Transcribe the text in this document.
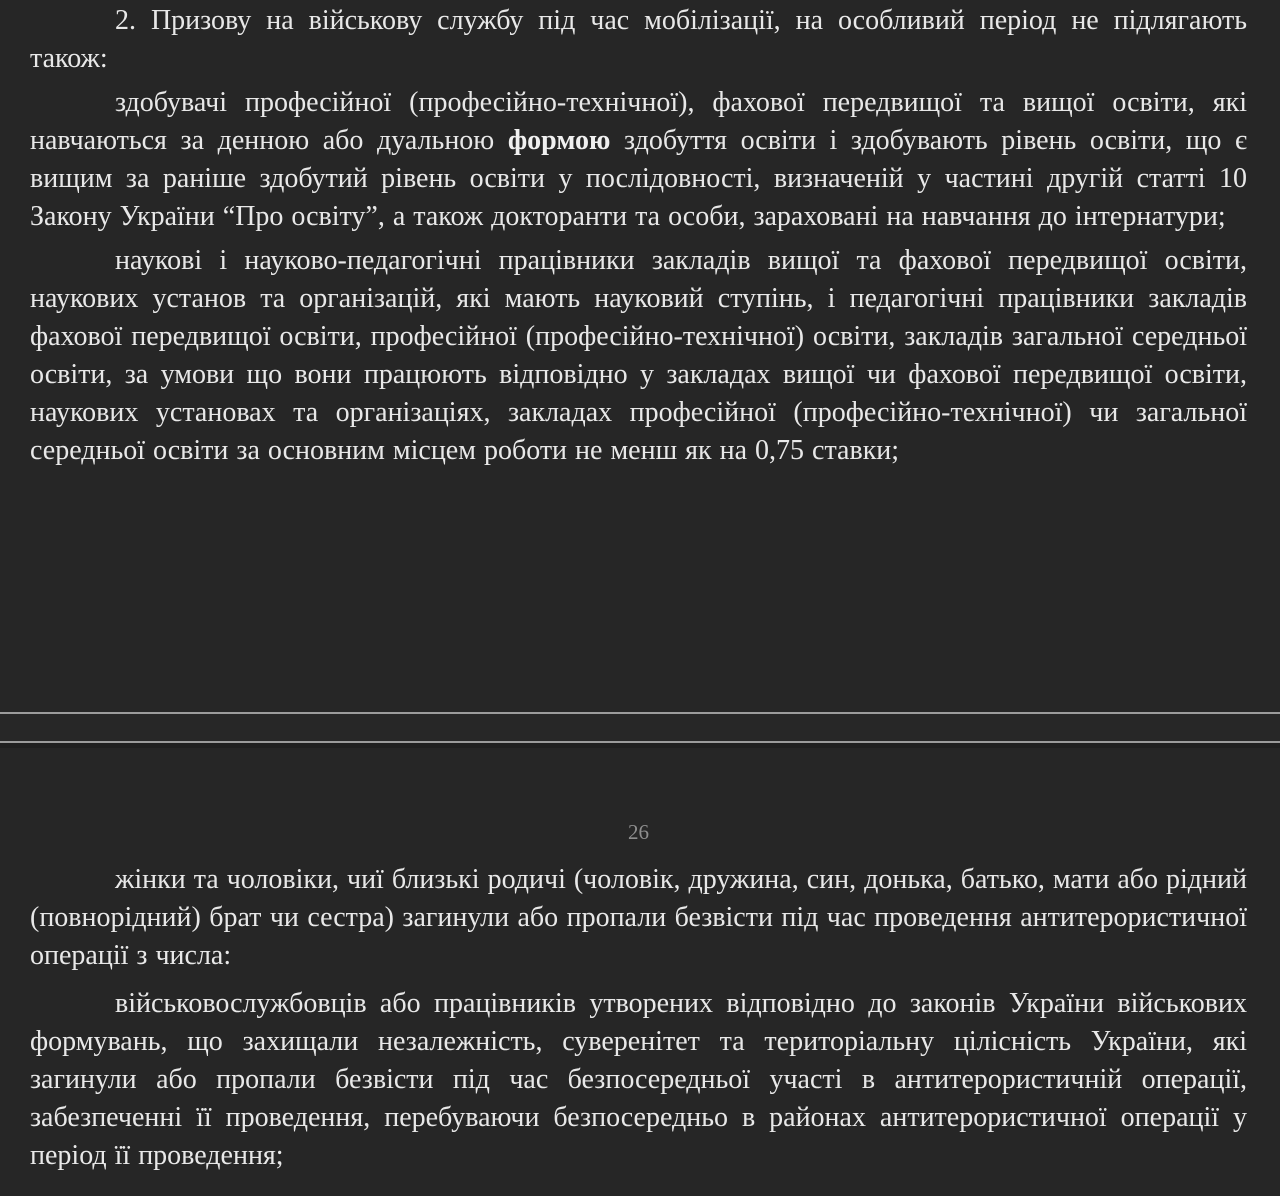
2. Призову на військову службу під час мобілізації, на особливий період не підлягають також:

здобувачі професійної (професійно-технічної), фахової передвищої та вищої освіти, які навчаються за денною або дуальною формою здобуття освіти і здобувають рівень освіти, що є вищим за раніше здобутий рівень освіти у послідовності, визначеній у частині другій статті 10 Закону України “Про освіту”, а також докторанти та особи, зараховані на навчання до інтернатури;

наукові і науково-педагогічні працівники закладів вищої та фахової передвищої освіти, наукових установ та організацій, які мають науковий ступінь, і педагогічні працівники закладів фахової передвищої освіти, професійної (професійно-технічної) освіти, закладів загальної середньої освіти, за умови що вони працюють відповідно у закладах вищої чи фахової передвищої освіти, наукових установах та організаціях, закладах професійної (професійно-технічної) чи загальної середньої освіти за основним місцем роботи не менш як на 0,75 ставки;

26

жінки та чоловіки, чиї близькі родичі (чоловік, дружина, син, донька, батько, мати або рідний (повнорідний) брат чи сестра) загинули або пропали безвісти під час проведення антитерористичної операції з числа:

військовослужбовців або працівників утворених відповідно до законів України військових формувань, що захищали незалежність, суверенітет та територіальну цілісність України, які загинули або пропали безвісти під час безпосередньої участі в антитерористичній операції, забезпеченні її проведення, перебуваючи безпосередньо в районах антитерористичної операції у період її проведення;
